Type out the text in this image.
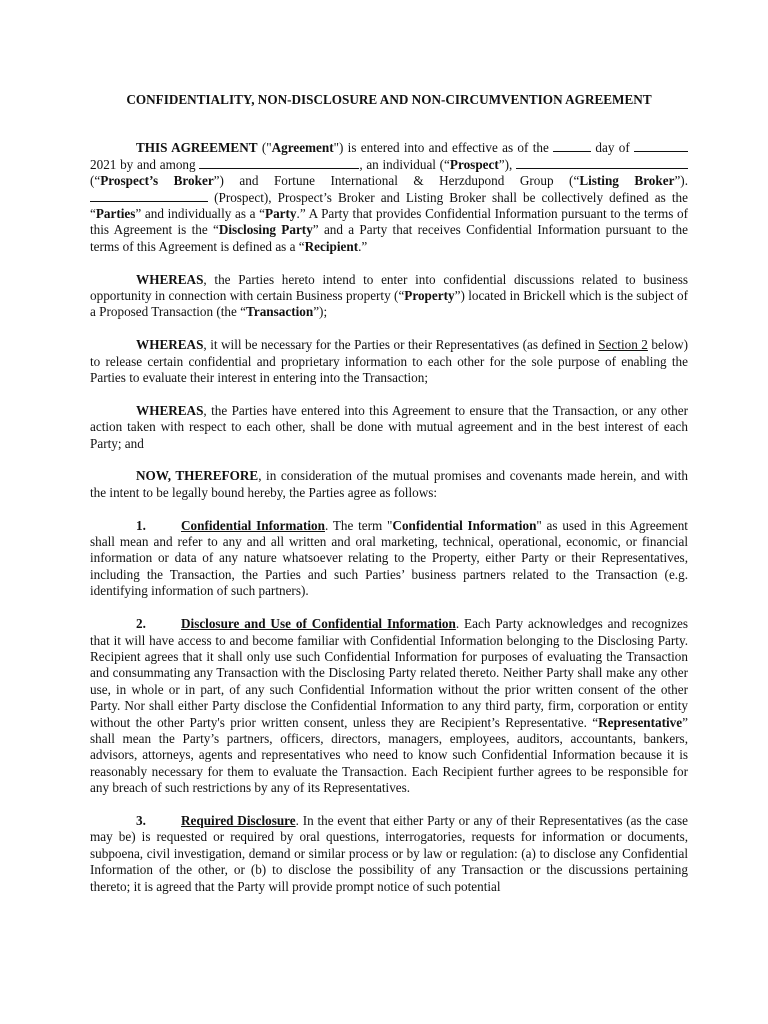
CONFIDENTIALITY, NON-DISCLOSURE AND NON-CIRCUMVENTION AGREEMENT

THIS AGREEMENT ("Agreement") is entered into and effective as of the	day of 2021 by and among	, an individual (“Prospect”), (“Prospect’s Broker”) and Fortune International & Herzdupond Group (“Listing Broker”).  (Prospect), Prospect’s Broker and Listing Broker shall be collectively defined as the “Parties” and individually as a “Party.” A Party that provides Confidential Information pursuant to the terms of this Agreement is the “Disclosing Party” and a Party that receives Confidential Information pursuant to the terms of this Agreement is defined as a “Recipient.”

WHEREAS, the Parties hereto intend to enter into confidential discussions related to business opportunity in connection with certain Business property (“Property”) located in Brickell which is the subject of a Proposed Transaction (the “Transaction”);

WHEREAS, it will be necessary for the Parties or their Representatives (as defined in Section 2 below) to release certain confidential and proprietary information to each other for the sole purpose of enabling the Parties to evaluate their interest in entering into the Transaction;

WHEREAS, the Parties have entered into this Agreement to ensure that the Transaction, or any other action taken with respect to each other, shall be done with mutual agreement and in the best interest of each Party; and

NOW, THEREFORE, in consideration of the mutual promises and covenants made herein, and with the intent to be legally bound hereby, the Parties agree as follows:

1.	Confidential Information. The term "Confidential Information" as used in this Agreement shall mean and refer to any and all written and oral marketing, technical, operational, economic, or financial information or data of any nature whatsoever relating to the Property, either Party or their Representatives, including the Transaction, the Parties and such Parties’ business partners related to the Transaction (e.g. identifying information of such partners).

2.	Disclosure and Use of Confidential Information. Each Party acknowledges and recognizes that it will have access to and become familiar with Confidential Information belonging to the Disclosing Party. Recipient agrees that it shall only use such Confidential Information for purposes of evaluating the Transaction and consummating any Transaction with the Disclosing Party related thereto. Neither Party shall make any other use, in whole or in part, of any such Confidential Information without the prior written consent of the other Party. Nor shall either Party disclose the Confidential Information to any third party, firm, corporation or entity without the other Party's prior written consent, unless they are Recipient’s Representative. “Representative” shall mean the Party’s partners, officers, directors, managers, employees, auditors, accountants, bankers, advisors, attorneys, agents and representatives who need to know such Confidential Information because it is reasonably necessary for them to evaluate the Transaction. Each Recipient further agrees to be responsible for any breach of such restrictions by any of its Representatives.

3.	Required Disclosure. In the event that either Party or any of their Representatives (as the case may be) is requested or required by oral questions, interrogatories, requests for information or documents, subpoena, civil investigation, demand or similar process or by law or regulation: (a) to disclose any Confidential Information of the other, or (b) to disclose the possibility of any Transaction or the discussions pertaining thereto; it is agreed that the Party will provide prompt notice of such potential
